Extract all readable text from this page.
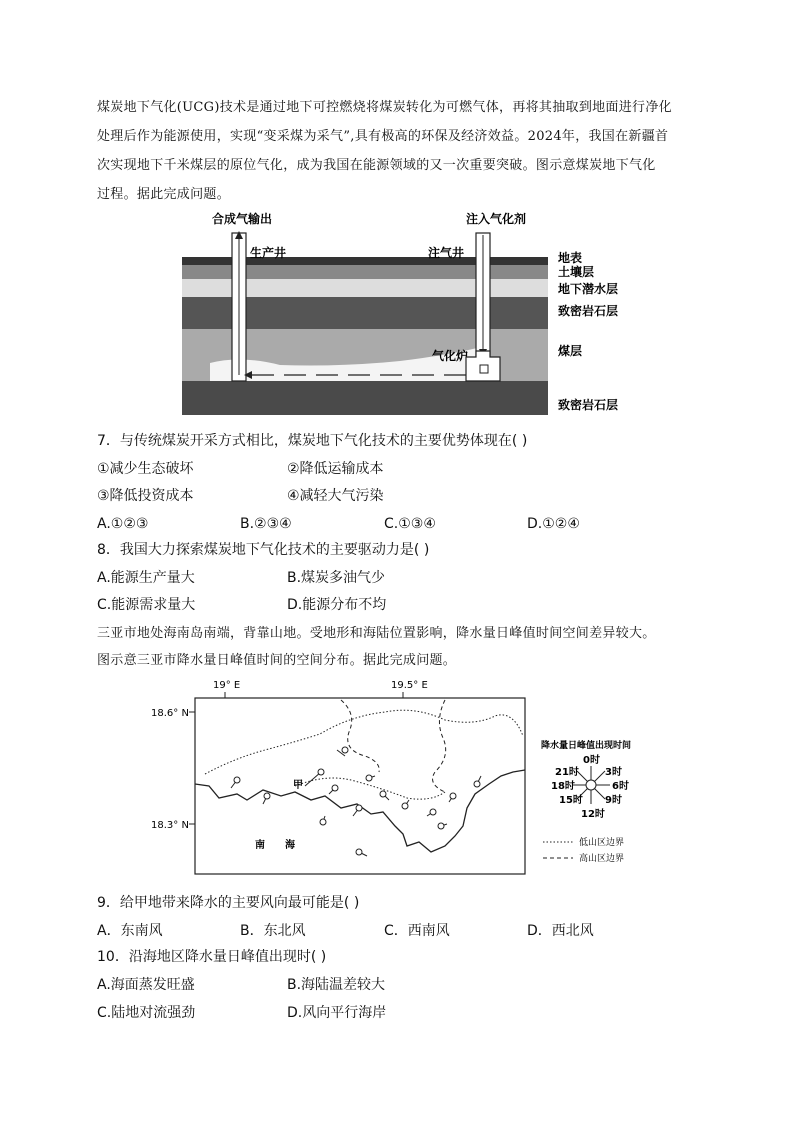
煤炭地下气化(UCG)技术是通过地下可控燃烧将煤炭转化为可燃气体，再将其抽取到地面进行净化
处理后作为能源使用，实现“变采煤为采气”,具有极高的环保及经济效益。2024年，我国在新疆首
次实现地下千米煤层的原位气化，成为我国在能源领域的又一次重要突破。图示意煤炭地下气化
过程。据此完成问题。
合成气输出	注入气化剂
生产井	注气井
气化炉
地表
土壤层
地下潜水层
致密岩石层
煤层
致密岩石层
7．与传统煤炭开采方式相比，煤炭地下气化技术的主要优势体现在( )
①减少生态破坏	②降低运输成本
③降低投资成本	④减轻大气污染
A.①②③	B.②③④	C.①③④	D.①②④
8．我国大力探索煤炭地下气化技术的主要驱动力是( )
A.能源生产量大	B.煤炭多油气少
C.能源需求量大	D.能源分布不均
三亚市地处海南岛南端，背靠山地。受地形和海陆位置影响，降水量日峰值时间空间差异较大。
图示意三亚市降水量日峰值时间的空间分布。据此完成问题。
19° E	19.5° E
18.6° N
18.3° N
甲
南　　海
降水量日峰值出现时间
0时
3时
6时
9时
12时
15时
18时
21时
低山区边界
高山区边界
9．给甲地带来降水的主要风向最可能是( )
A．东南风	B．东北风	C．西南风	D．西北风
10．沿海地区降水量日峰值出现时( )
A.海面蒸发旺盛	B.海陆温差较大
C.陆地对流强劲	D.风向平行海岸
